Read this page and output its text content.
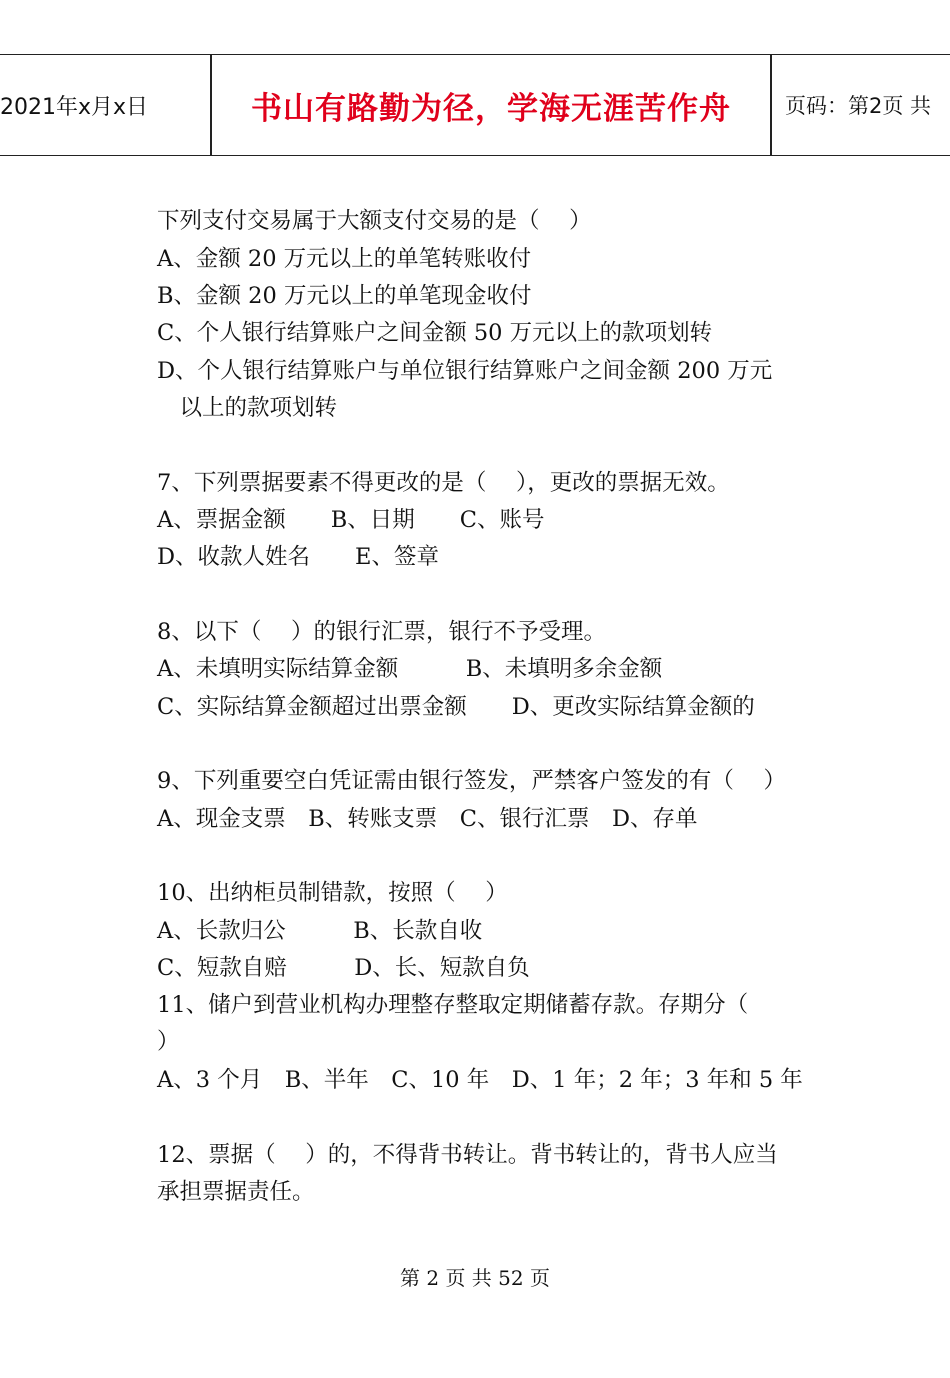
2021年x月x日	书山有路勤为径，学海无涯苦作舟	页码：第2页 共
下列支付交易属于大额支付交易的是（　 ）
A、金额 20 万元以上的单笔转账收付
B、金额 20 万元以上的单笔现金收付
C、个人银行结算账户之间金额 50 万元以上的款项划转
D、个人银行结算账户与单位银行结算账户之间金额 200 万元
　以上的款项划转
7、下列票据要素不得更改的是（　 ），更改的票据无效。
A、票据金额　　B、日期　　C、账号
D、收款人姓名　　E、签章
8、以下（　 ）的银行汇票，银行不予受理。
A、未填明实际结算金额　　　B、未填明多余金额
C、实际结算金额超过出票金额　　D、更改实际结算金额的
9、下列重要空白凭证需由银行签发，严禁客户签发的有（　 ）
A、现金支票　B、转账支票　C、银行汇票　D、存单
10、出纳柜员制错款，按照（　 ）
A、长款归公　　　B、长款自收
C、短款自赔　　　D、长、短款自负
11、储户到营业机构办理整存整取定期储蓄存款。存期分（
）
A、3 个月　B、半年　C、10 年　D、1 年；2 年；3 年和 5 年
12、票据（　 ）的，不得背书转让。背书转让的，背书人应当
承担票据责任。
第 2 页 共 52 页
